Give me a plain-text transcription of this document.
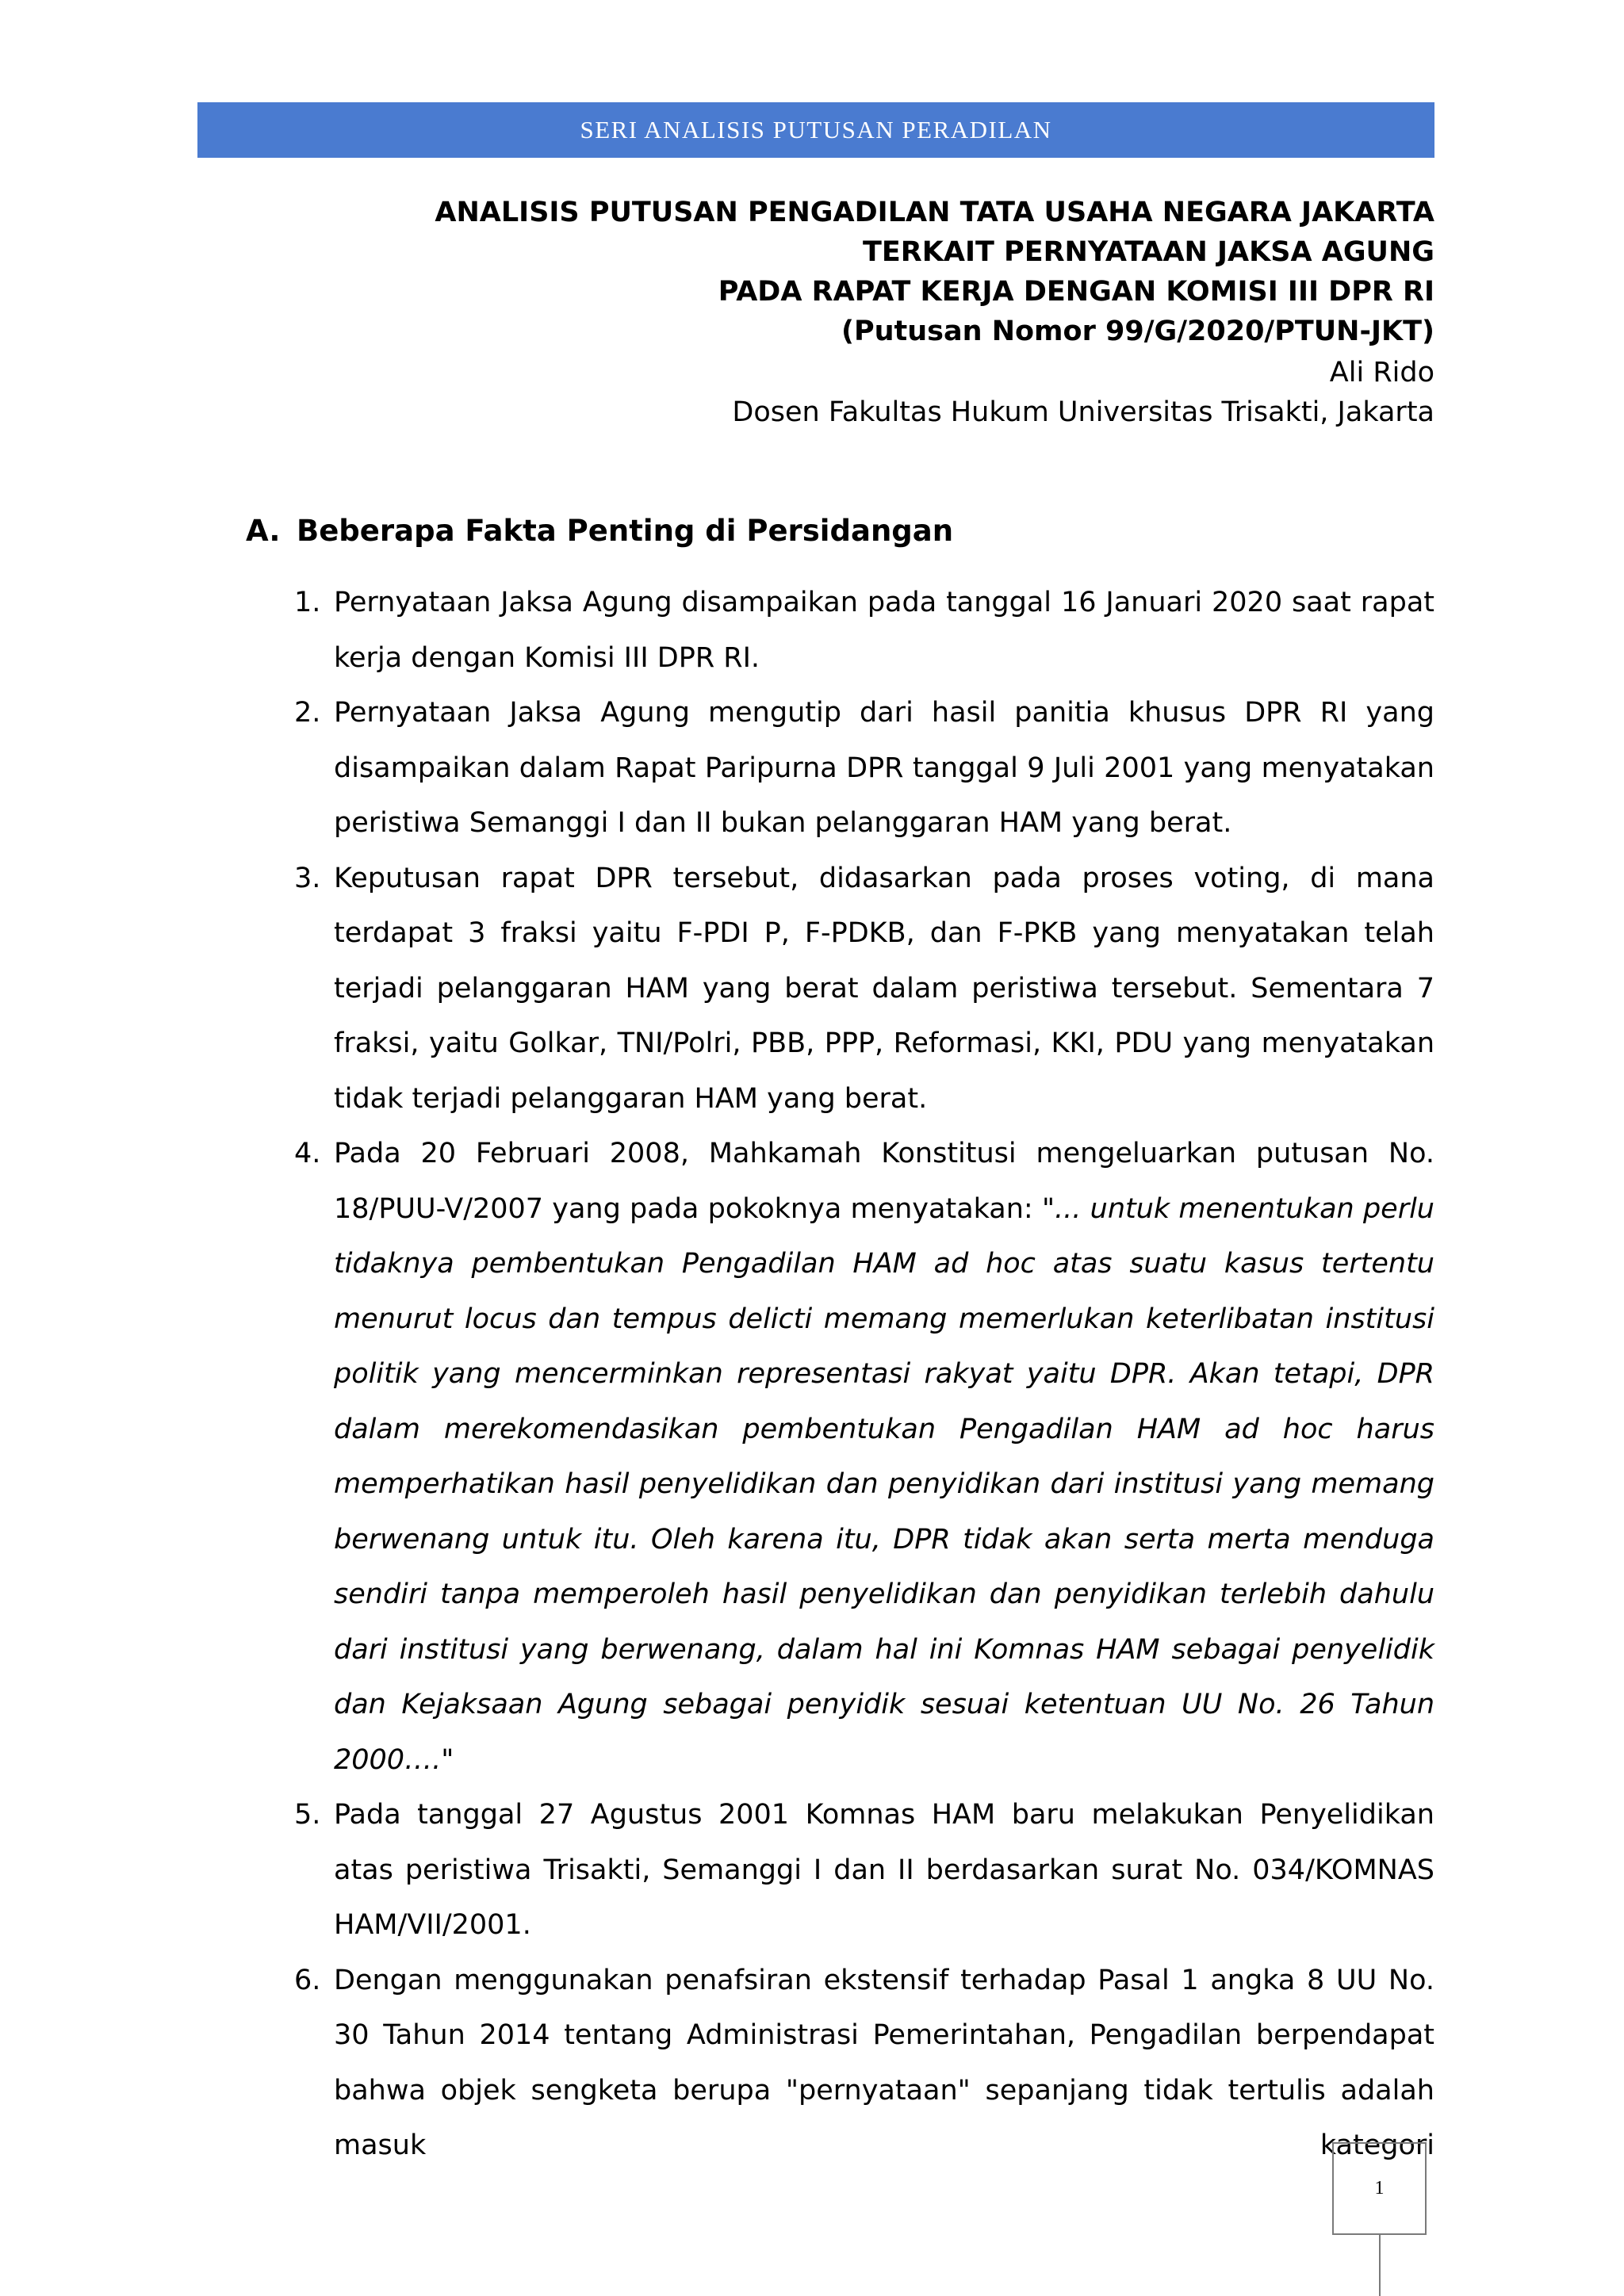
SERI ANALISIS PUTUSAN PERADILAN
ANALISIS PUTUSAN PENGADILAN TATA USAHA NEGARA JAKARTA
TERKAIT PERNYATAAN JAKSA AGUNG
PADA RAPAT KERJA DENGAN KOMISI III DPR RI
(Putusan Nomor 99/G/2020/PTUN-JKT)
Ali Rido
Dosen Fakultas Hukum Universitas Trisakti, Jakarta
A. Beberapa Fakta Penting di Persidangan
1. Pernyataan Jaksa Agung disampaikan pada tanggal 16 Januari 2020 saat rapat kerja dengan Komisi III DPR RI.
2. Pernyataan Jaksa Agung mengutip dari hasil panitia khusus DPR RI yang disampaikan dalam Rapat Paripurna DPR tanggal 9 Juli 2001 yang menyatakan peristiwa Semanggi I dan II bukan pelanggaran HAM yang berat.
3. Keputusan rapat DPR tersebut, didasarkan pada proses voting, di mana terdapat 3 fraksi yaitu F-PDI P, F-PDKB, dan F-PKB yang menyatakan telah terjadi pelanggaran HAM yang berat dalam peristiwa tersebut. Sementara 7 fraksi, yaitu Golkar, TNI/Polri, PBB, PPP, Reformasi, KKI, PDU yang menyatakan tidak terjadi pelanggaran HAM yang berat.
4. Pada 20 Februari 2008, Mahkamah Konstitusi mengeluarkan putusan No. 18/PUU-V/2007 yang pada pokoknya menyatakan: "... untuk menentukan perlu tidaknya pembentukan Pengadilan HAM ad hoc atas suatu kasus tertentu menurut locus dan tempus delicti memang memerlukan keterlibatan institusi politik yang mencerminkan representasi rakyat yaitu DPR. Akan tetapi, DPR dalam merekomendasikan pembentukan Pengadilan HAM ad hoc harus memperhatikan hasil penyelidikan dan penyidikan dari institusi yang memang berwenang untuk itu. Oleh karena itu, DPR tidak akan serta merta menduga sendiri tanpa memperoleh hasil penyelidikan dan penyidikan terlebih dahulu dari institusi yang berwenang, dalam hal ini Komnas HAM sebagai penyelidik dan Kejaksaan Agung sebagai penyidik sesuai ketentuan UU No. 26 Tahun 2000…."
5. Pada tanggal 27 Agustus 2001 Komnas HAM baru melakukan Penyelidikan atas peristiwa Trisakti, Semanggi I dan II berdasarkan surat No. 034/KOMNAS HAM/VII/2001.
6. Dengan menggunakan penafsiran ekstensif terhadap Pasal 1 angka 8 UU No. 30 Tahun 2014 tentang Administrasi Pemerintahan, Pengadilan berpendapat bahwa objek sengketa berupa "pernyataan" sepanjang tidak tertulis adalah masuk kategori
1
